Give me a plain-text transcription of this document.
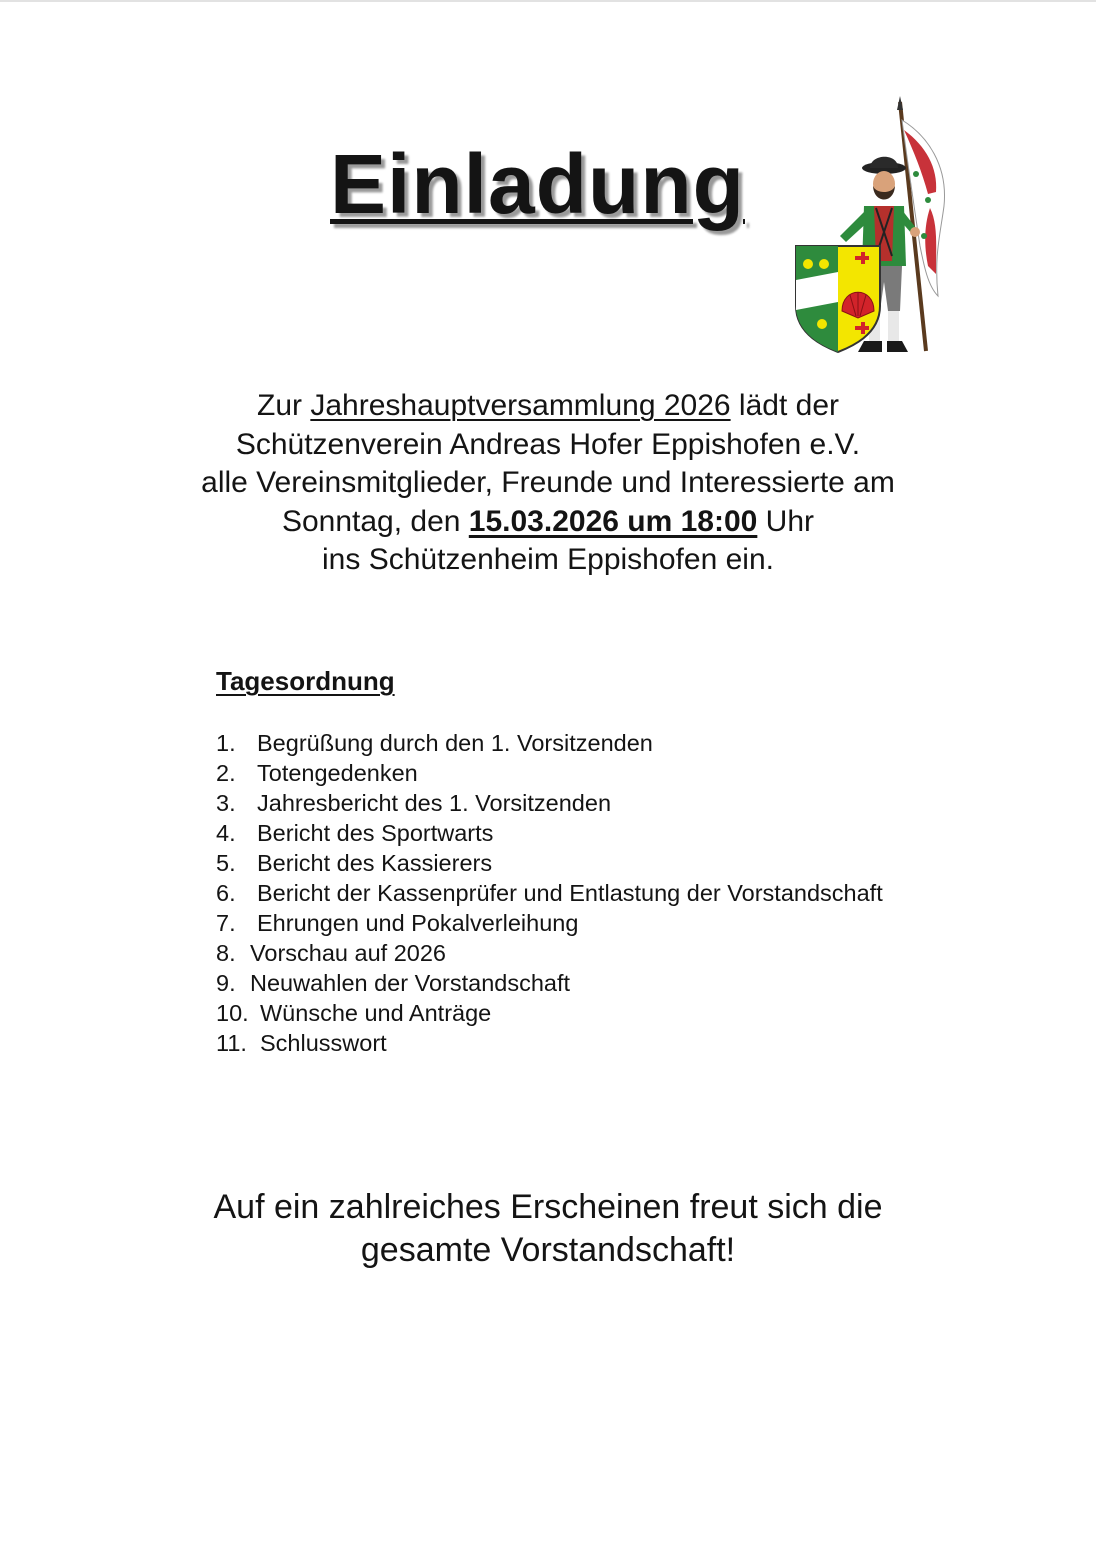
Einladung
Zur Jahreshauptversammlung 2026 lädt der
Schützenverein Andreas Hofer Eppishofen e.V.
alle Vereinsmitglieder, Freunde und Interessierte am
Sonntag, den 15.03.2026 um 18:00 Uhr
ins Schützenheim Eppishofen ein.
Tagesordnung
1. Begrüßung durch den 1. Vorsitzenden
2. Totengedenken
3. Jahresbericht des 1. Vorsitzenden
4. Bericht des Sportwarts
5. Bericht des Kassierers
6. Bericht der Kassenprüfer und Entlastung der Vorstandschaft
7. Ehrungen und Pokalverleihung
8. Vorschau auf 2026
9. Neuwahlen der Vorstandschaft
10. Wünsche und Anträge
11. Schlusswort
Auf ein zahlreiches Erscheinen freut sich die
gesamte Vorstandschaft!
